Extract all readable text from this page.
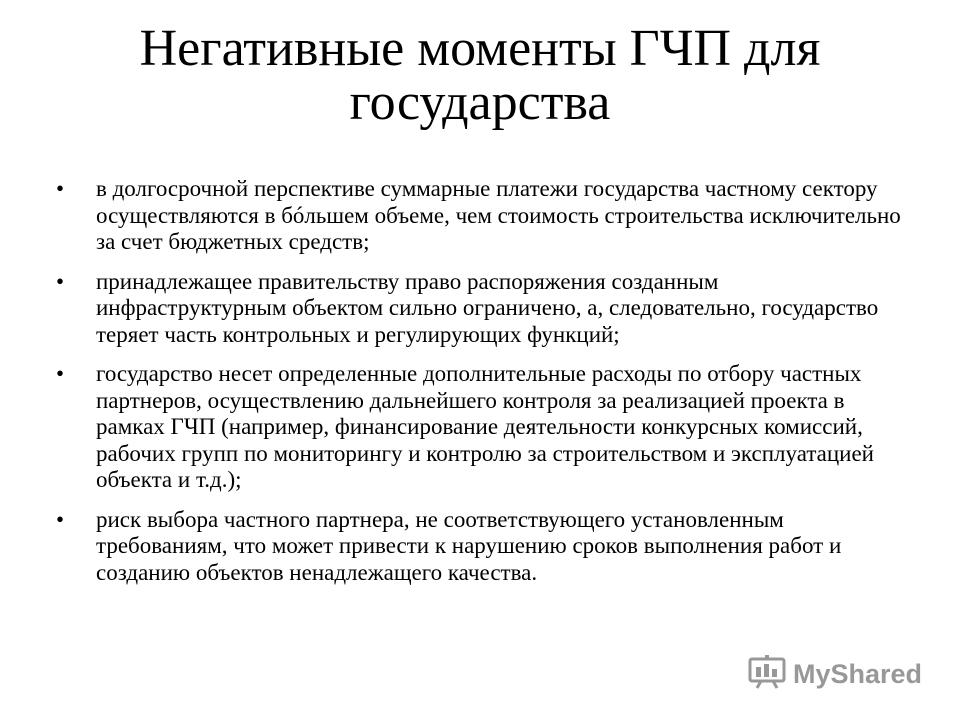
Негативные моменты ГЧП для государства
• в долгосрочной перспективе суммарные платежи государства частному сектору осуществляются в бóльшем объеме, чем стоимость строительства исключительно за счет бюджетных средств;
• принадлежащее правительству право распоряжения созданным инфраструктурным объектом сильно ограничено, а, следовательно, государство теряет часть контрольных и регулирующих функций;
• государство несет определенные дополнительные расходы по отбору частных партнеров, осуществлению дальнейшего контроля за реализацией проекта в рамках ГЧП (например, финансирование деятельности конкурсных комиссий, рабочих групп по мониторингу и контролю за строительством и эксплуатацией объекта и т.д.);
• риск выбора частного партнера, не соответствующего установленным требованиям, что может привести к нарушению сроков выполнения работ и созданию объектов ненадлежащего качества.
MyShared
